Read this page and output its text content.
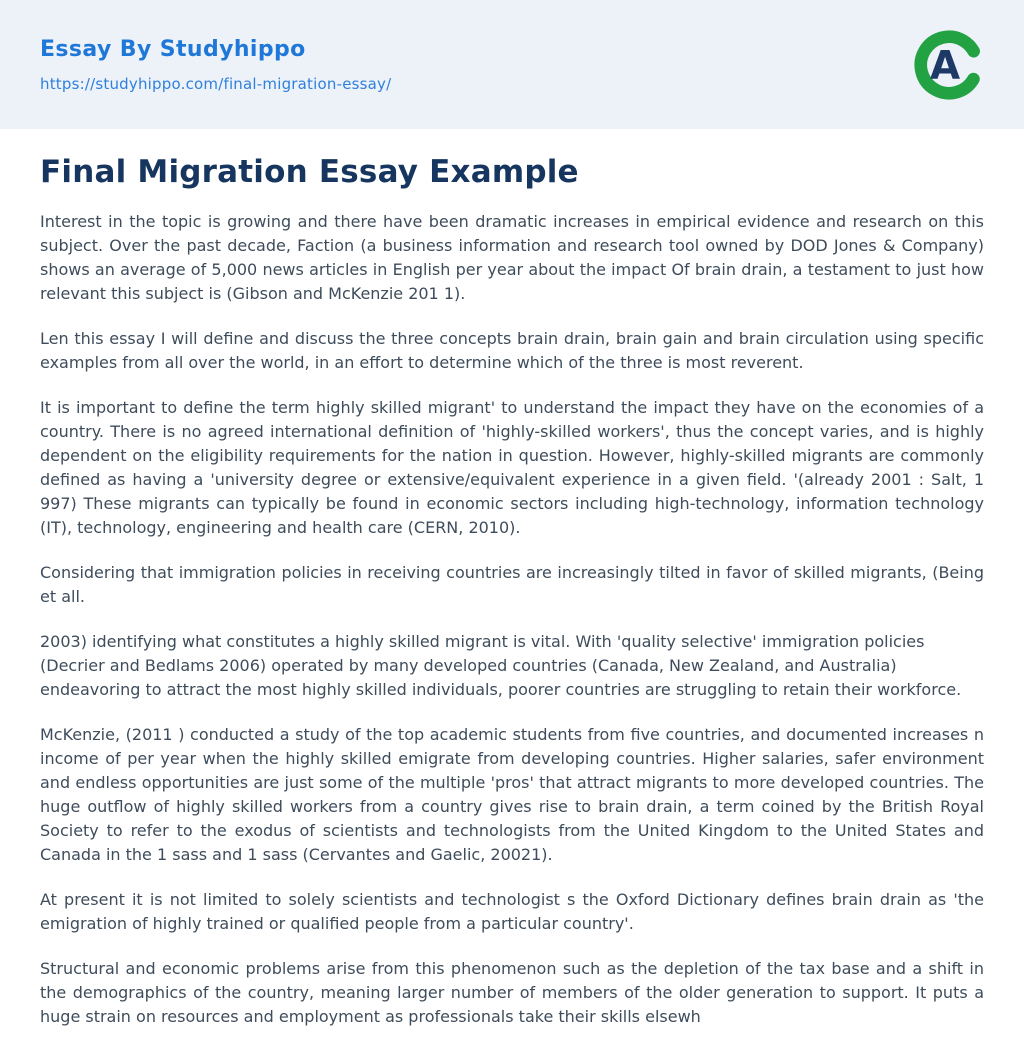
Essay By Studyhippo
https://studyhippo.com/final-migration-essay/	A
Final Migration Essay Example

Interest in the topic is growing and there have been dramatic increases in empirical evidence and research on this subject. Over the past decade, Faction (a business information and research tool owned by DOD Jones & Company) shows an average of 5,000 news articles in English per year about the impact Of brain drain, a testament to just how relevant this subject is (Gibson and McKenzie 201 1).

Len this essay I will define and discuss the three concepts brain drain, brain gain and brain circulation using specific examples from all over the world, in an effort to determine which of the three is most reverent.

It is important to define the term highly skilled migrant' to understand the impact they have on the economies of a country. There is no agreed international definition of 'highly-skilled workers', thus the concept varies, and is highly dependent on the eligibility requirements for the nation in question. However, highly-skilled migrants are commonly defined as having a 'university degree or extensive/equivalent experience in a given field. '(already 2001 : Salt, 1 997) These migrants can typically be found in economic sectors including high-technology, information technology (IT), technology, engineering and health care (CERN, 2010).

Considering that immigration policies in receiving countries are increasingly tilted in favor of skilled migrants, (Being et all.

2003) identifying what constitutes a highly skilled migrant is vital. With 'quality selective' immigration policies (Decrier and Bedlams 2006) operated by many developed countries (Canada, New Zealand, and Australia) endeavoring to attract the most highly skilled individuals, poorer countries are struggling to retain their workforce.

McKenzie, (2011 ) conducted a study of the top academic students from five countries, and documented increases n income of per year when the highly skilled emigrate from developing countries. Higher salaries, safer environment and endless opportunities are just some of the multiple 'pros' that attract migrants to more developed countries. The huge outflow of highly skilled workers from a country gives rise to brain drain, a term coined by the British Royal Society to refer to the exodus of scientists and technologists from the United Kingdom to the United States and Canada in the 1 sass and 1 sass (Cervantes and Gaelic, 20021).

At present it is not limited to solely scientists and technologist s the Oxford Dictionary defines brain drain as 'the emigration of highly trained or qualified people from a particular country'.

Structural and economic problems arise from this phenomenon such as the depletion of the tax base and a shift in the demographics of the country, meaning larger number of members of the older generation to support. It puts a huge strain on resources and employment as professionals take their skills elsewh
